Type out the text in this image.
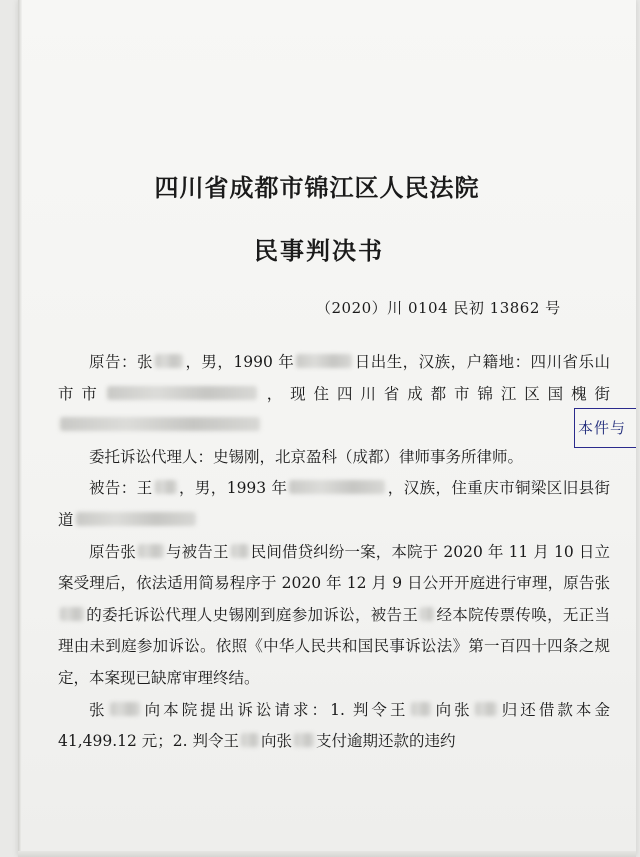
四川省成都市锦江区人民法院
民事判决书
（2020）川 0104 民初 13862 号

原告：张 ，男，1990 年	日出生，汉族，户籍地：四川省乐山市市	，现住四川省成都市锦江区国槐街

委托诉讼代理人：史锡刚，北京盈科（成都）律师事务所律师。

被告：王 ，男，1993 年	，汉族，住重庆市铜梁区旧县街道

原告张 与被告王 民间借贷纠纷一案，本院于 2020 年 11 月 10 日立案受理后，依法适用简易程序于 2020 年 12 月 9 日公开开庭进行审理，原告张的委托诉讼代理人史锡刚到庭参加诉讼，被告王 经本院传票传唤，无正当理由未到庭参加诉讼。依照《中华人民共和国民事诉讼法》第一百四十四条之规定，本案现已缺席审理终结。

张 向本院提出诉讼请求：1. 判令王 向张 归还借款本金 41,499.12 元；2. 判令王 向张 支付逾期还款的违约

本件与
